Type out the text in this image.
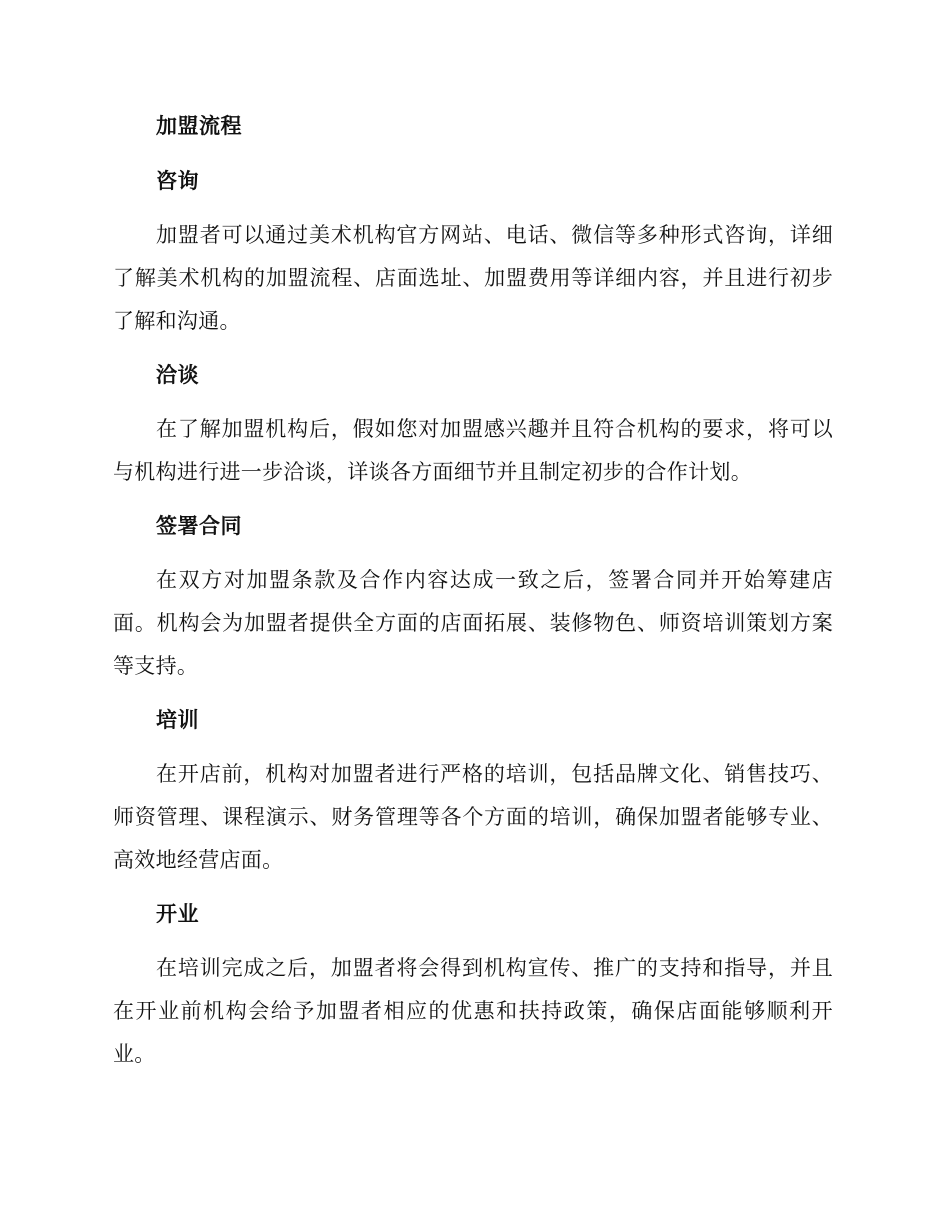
加盟流程
咨询

加盟者可以通过美术机构官方网站、电话、微信等多种形式咨询，详细了解美术机构的加盟流程、店面选址、加盟费用等详细内容，并且进行初步了解和沟通。

洽谈

在了解加盟机构后，假如您对加盟感兴趣并且符合机构的要求，将可以与机构进行进一步洽谈，详谈各方面细节并且制定初步的合作计划。

签署合同

在双方对加盟条款及合作内容达成一致之后，签署合同并开始筹建店面。机构会为加盟者提供全方面的店面拓展、装修物色、师资培训策划方案等支持。

培训

在开店前，机构对加盟者进行严格的培训，包括品牌文化、销售技巧、师资管理、课程演示、财务管理等各个方面的培训，确保加盟者能够专业、高效地经营店面。

开业

在培训完成之后，加盟者将会得到机构宣传、推广的支持和指导，并且在开业前机构会给予加盟者相应的优惠和扶持政策，确保店面能够顺利开业。
